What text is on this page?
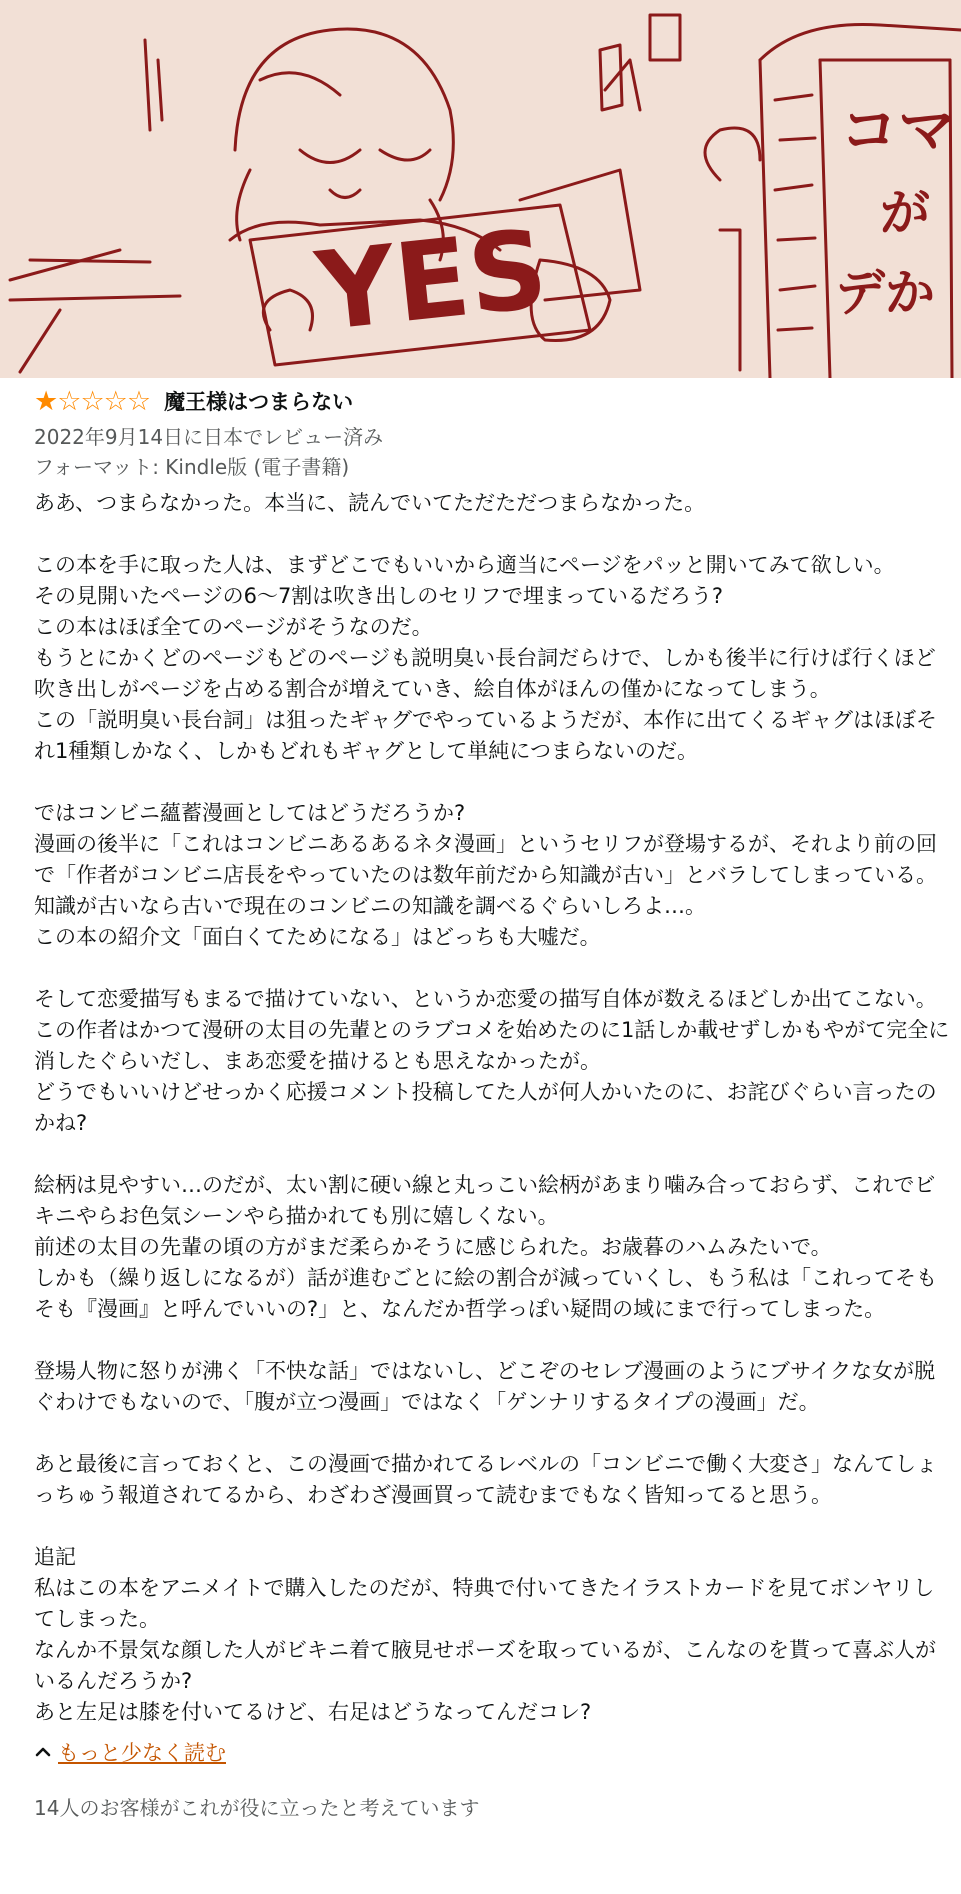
YES
コマ
が
デか
★ ☆ ☆ ☆ ☆ 魔王様はつまらない
2022年9月14日に日本でレビュー済み
フォーマット: Kindle版 (電子書籍)

ああ、つまらなかった。本当に、読んでいてただただつまらなかった。

この本を手に取った人は、まずどこでもいいから適当にページをパッと開いてみて欲しい。

その見開いたページの6〜7割は吹き出しのセリフで埋まっているだろう?

この本はほぼ全てのページがそうなのだ。

もうとにかくどのページもどのページも説明臭い長台詞だらけで、しかも後半に行けば行くほど吹き出しがページを占める割合が増えていき、絵自体がほんの僅かになってしまう。

この「説明臭い長台詞」は狙ったギャグでやっているようだが、本作に出てくるギャグはほぼそれ1種類しかなく、しかもどれもギャグとして単純につまらないのだ。

ではコンビニ蘊蓄漫画としてはどうだろうか?

漫画の後半に「これはコンビニあるあるネタ漫画」というセリフが登場するが、それより前の回で「作者がコンビニ店長をやっていたのは数年前だから知識が古い」とバラしてしまっている。

知識が古いなら古いで現在のコンビニの知識を調べるぐらいしろよ…。

この本の紹介文「面白くてためになる」はどっちも大嘘だ。

そして恋愛描写もまるで描けていない、というか恋愛の描写自体が数えるほどしか出てこない。

この作者はかつて漫研の太目の先輩とのラブコメを始めたのに1話しか載せずしかもやがて完全に消したぐらいだし、まあ恋愛を描けるとも思えなかったが。

どうでもいいけどせっかく応援コメント投稿してた人が何人かいたのに、お詫びぐらい言ったのかね?

絵柄は見やすい…のだが、太い割に硬い線と丸っこい絵柄があまり噛み合っておらず、これでビキニやらお色気シーンやら描かれても別に嬉しくない。

前述の太目の先輩の頃の方がまだ柔らかそうに感じられた。お歳暮のハムみたいで。

しかも（繰り返しになるが）話が進むごとに絵の割合が減っていくし、もう私は「これってそもそも『漫画』と呼んでいいの?」と、なんだか哲学っぽい疑問の域にまで行ってしまった。

登場人物に怒りが沸く「不快な話」ではないし、どこぞのセレブ漫画のようにブサイクな女が脱ぐわけでもないので、「腹が立つ漫画」ではなく「ゲンナリするタイプの漫画」だ。

あと最後に言っておくと、この漫画で描かれてるレベルの「コンビニで働く大変さ」なんてしょっちゅう報道されてるから、わざわざ漫画買って読むまでもなく皆知ってると思う。

追記

私はこの本をアニメイトで購入したのだが、特典で付いてきたイラストカードを見てボンヤリしてしまった。

なんか不景気な顔した人がビキニ着て腋見せポーズを取っているが、こんなのを貰って喜ぶ人がいるんだろうか?

あと左足は膝を付いてるけど、右足はどうなってんだコレ?

もっと少なく読む
14人のお客様がこれが役に立ったと考えています
